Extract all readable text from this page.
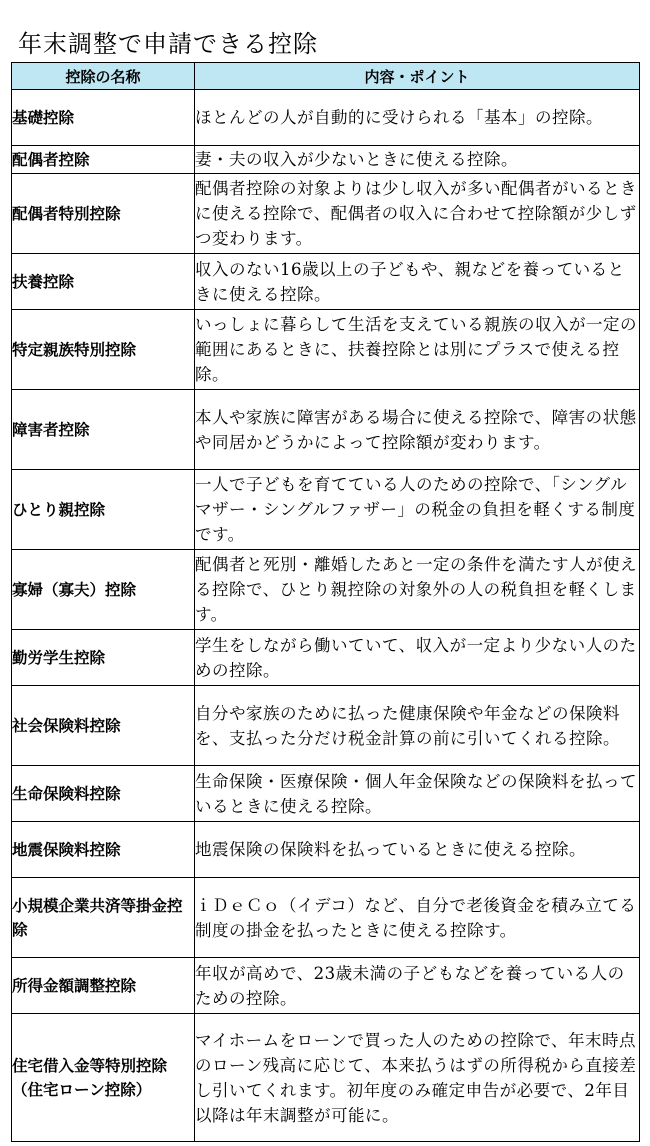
年末調整で申請できる控除
控除の名称	内容・ポイント
基礎控除	ほとんどの人が自動的に受けられる「基本」の控除。
配偶者控除	妻・夫の収入が少ないときに使える控除。
配偶者特別控除	配偶者控除の対象よりは少し収入が多い配偶者がいるときに使える控除で、配偶者の収入に合わせて控除額が少しずつ変わります。
扶養控除	収入のない16歳以上の子どもや、親などを養っているときに使える控除。
特定親族特別控除	いっしょに暮らして生活を支えている親族の収入が一定の範囲にあるときに、扶養控除とは別にプラスで使える控除。
障害者控除	本人や家族に障害がある場合に使える控除で、障害の状態や同居かどうかによって控除額が変わります。
ひとり親控除	一人で子どもを育てている人のための控除で、「シングルマザー・シングルファザー」の税金の負担を軽くする制度です。
寡婦（寡夫）控除	配偶者と死別・離婚したあと一定の条件を満たす人が使える控除で、ひとり親控除の対象外の人の税負担を軽くします。
勤労学生控除	学生をしながら働いていて、収入が一定より少ない人のための控除。
社会保険料控除	自分や家族のために払った健康保険や年金などの保険料を、支払った分だけ税金計算の前に引いてくれる控除。
生命保険料控除	生命保険・医療保険・個人年金保険などの保険料を払っているときに使える控除。
地震保険料控除	地震保険の保険料を払っているときに使える控除。
小規模企業共済等掛金控除	ｉＤｅＣｏ（イデコ）など、自分で老後資金を積み立てる制度の掛金を払ったときに使える控除す。
所得金額調整控除	年収が高めで、23歳未満の子どもなどを養っている人のための控除。
住宅借入金等特別控除（住宅ローン控除）	マイホームをローンで買った人のための控除で、年末時点のローン残高に応じて、本来払うはずの所得税から直接差し引いてくれます。初年度のみ確定申告が必要で、2年目以降は年末調整が可能に。
